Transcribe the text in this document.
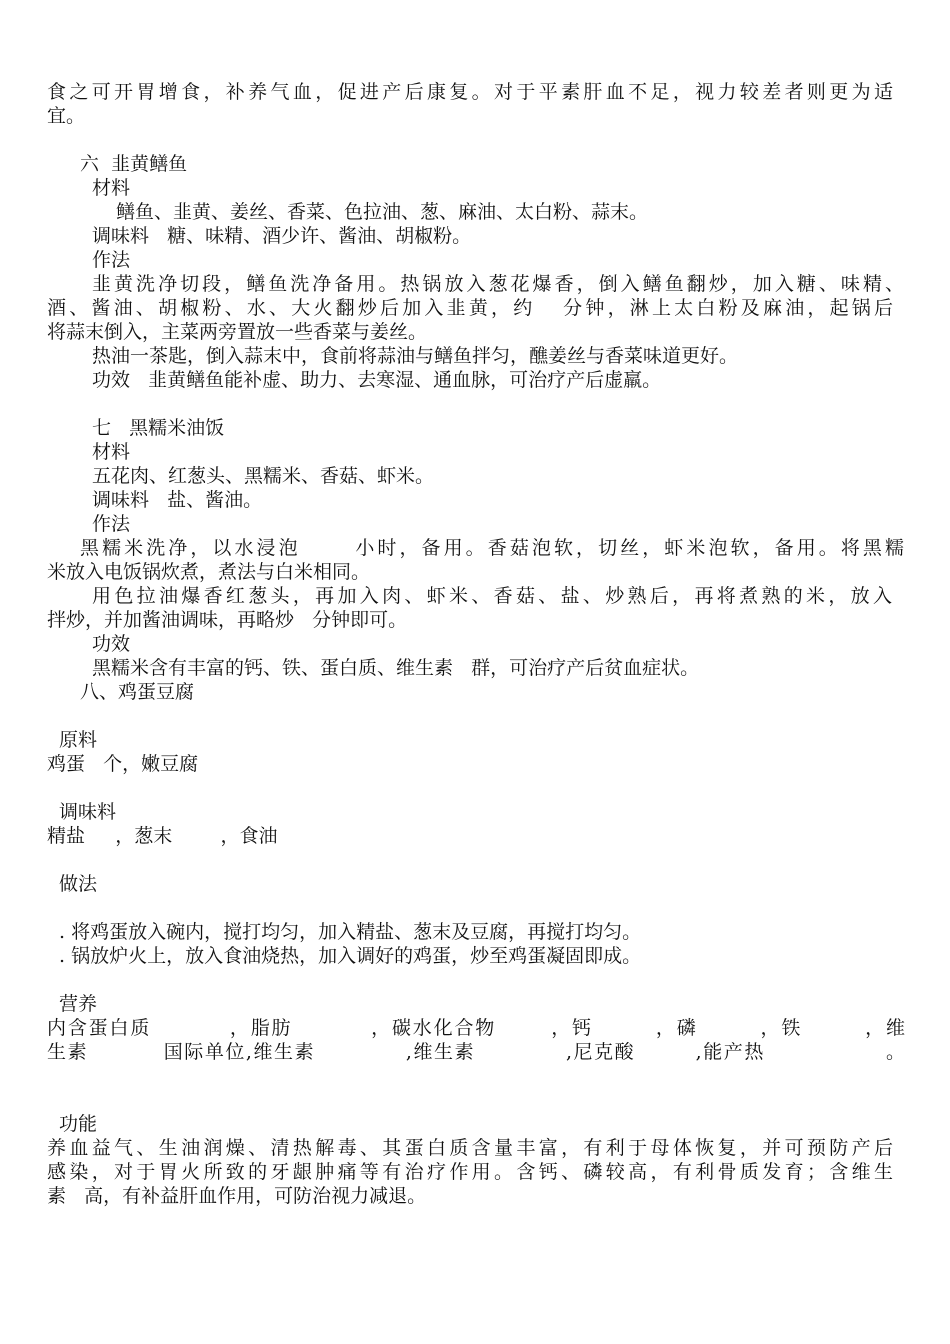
食之可开胃增食，补养气血，促进产后康复。对于平素肝血不足，视力较差者则更为适
宜。
六  韭黄鳝鱼
材料
鳝鱼、韭黄、姜丝、香菜、色拉油、葱、麻油、太白粉、蒜末。
调味料   糖、味精、酒少许、酱油、胡椒粉。
作法
韭黄洗净切段，鳝鱼洗净备用。热锅放入葱花爆香，倒入鳝鱼翻炒，加入糖、味精、
酒、酱油、胡椒粉、水、大火翻炒后加入韭黄，约   分钟，淋上太白粉及麻油，起锅后
将蒜末倒入，主菜两旁置放一些香菜与姜丝。
热油一茶匙，倒入蒜末中，食前将蒜油与鳝鱼拌匀，醮姜丝与香菜味道更好。
功效   韭黄鳝鱼能补虚、助力、去寒湿、通血脉，可治疗产后虚羸。
七   黑糯米油饭
材料
五花肉、红葱头、黑糯米、香菇、虾米。
调味料   盐、酱油。
作法
黑糯米洗净，以水浸泡      小时，备用。香菇泡软，切丝，虾米泡软，备用。将黑糯
米放入电饭锅炊煮，煮法与白米相同。
用色拉油爆香红葱头，再加入肉、虾米、香菇、盐、炒熟后，再将煮熟的米，放入
拌炒，并加酱油调味，再略炒   分钟即可。
功效
黑糯米含有丰富的钙、铁、蛋白质、维生素   群，可治疗产后贫血症状。
八、鸡蛋豆腐
原料
鸡蛋   个，嫩豆腐
调味料
精盐     ，葱末        ，食油
做法
. 将鸡蛋放入碗内，搅打均匀，加入精盐、葱末及豆腐，再搅打均匀。
. 锅放炉火上，放入食油烧热，加入调好的鸡蛋，炒至鸡蛋凝固即成。
营养
内含蛋白质          ，脂肪          ，碳水化合物       ，钙        ，磷        ，铁        ，维
生素          国际单位,维生素            ,维生素            ,尼克酸        ,能产热                。
功能
养血益气、生油润燥、清热解毒、其蛋白质含量丰富，有利于母体恢复，并可预防产后
感染，对于胃火所致的牙龈肿痛等有治疗作用。含钙、磷较高，有利骨质发育；含维生
素   高，有补益肝血作用，可防治视力减退。
